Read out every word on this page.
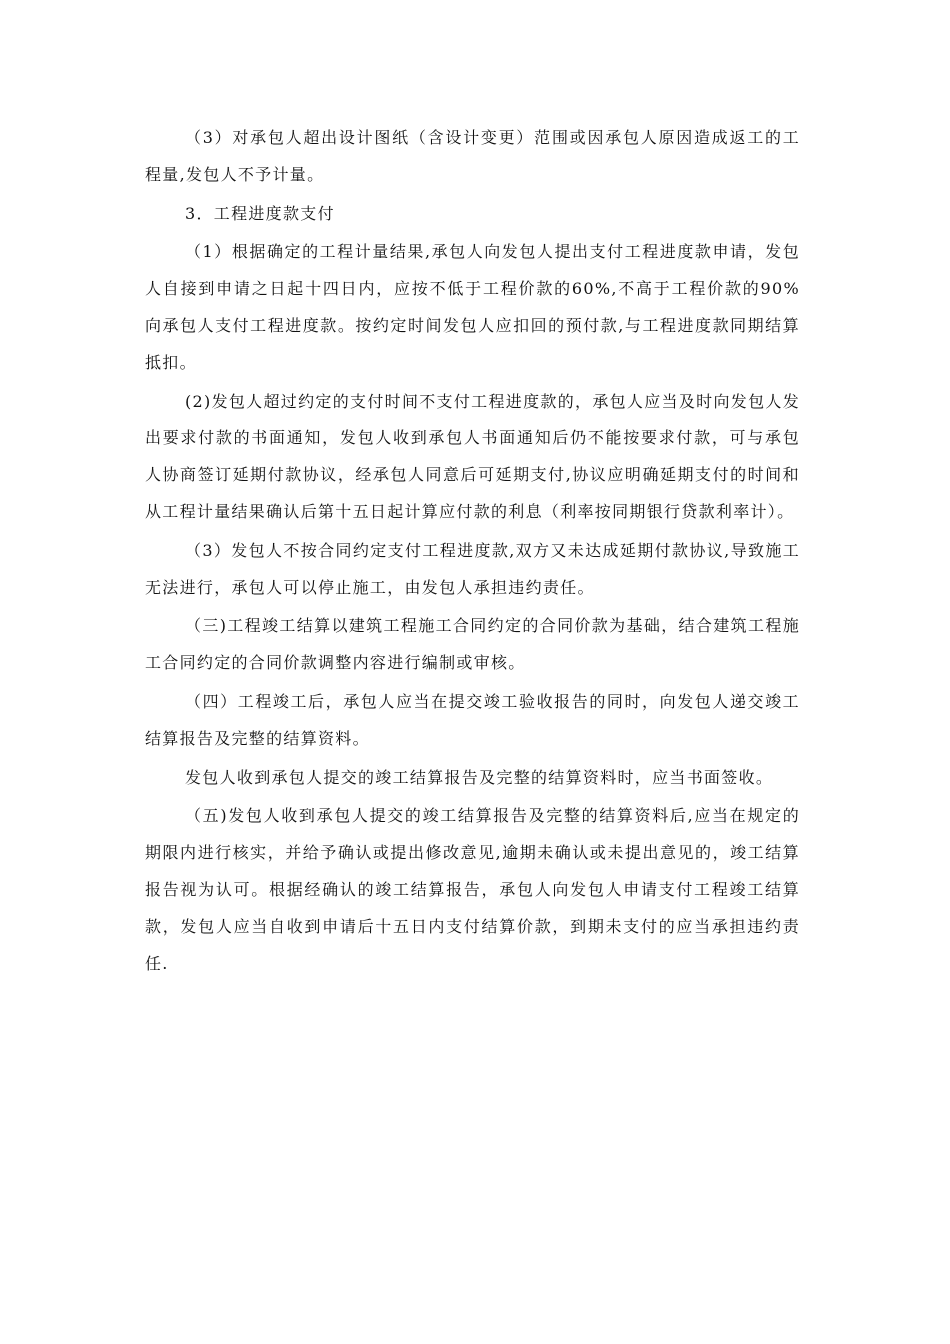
（3）对承包人超出设计图纸（含设计变更）范围或因承包人原因造成返工的工程量,发包人不予计量。

3．工程进度款支付

（1）根据确定的工程计量结果,承包人向发包人提出支付工程进度款申请，发包人自接到申请之日起十四日内，应按不低于工程价款的60%,不高于工程价款的90%向承包人支付工程进度款。按约定时间发包人应扣回的预付款,与工程进度款同期结算抵扣。

(2)发包人超过约定的支付时间不支付工程进度款的，承包人应当及时向发包人发出要求付款的书面通知，发包人收到承包人书面通知后仍不能按要求付款，可与承包人协商签订延期付款协议，经承包人同意后可延期支付,协议应明确延期支付的时间和从工程计量结果确认后第十五日起计算应付款的利息（利率按同期银行贷款利率计）。

（3）发包人不按合同约定支付工程进度款,双方又未达成延期付款协议,导致施工无法进行，承包人可以停止施工，由发包人承担违约责任。

（三)工程竣工结算以建筑工程施工合同约定的合同价款为基础，结合建筑工程施工合同约定的合同价款调整内容进行编制或审核。

（四）工程竣工后，承包人应当在提交竣工验收报告的同时，向发包人递交竣工结算报告及完整的结算资料。

发包人收到承包人提交的竣工结算报告及完整的结算资料时，应当书面签收。

（五)发包人收到承包人提交的竣工结算报告及完整的结算资料后,应当在规定的期限内进行核实，并给予确认或提出修改意见,逾期未确认或未提出意见的，竣工结算报告视为认可。根据经确认的竣工结算报告，承包人向发包人申请支付工程竣工结算款，发包人应当自收到申请后十五日内支付结算价款，到期未支付的应当承担违约责任.
